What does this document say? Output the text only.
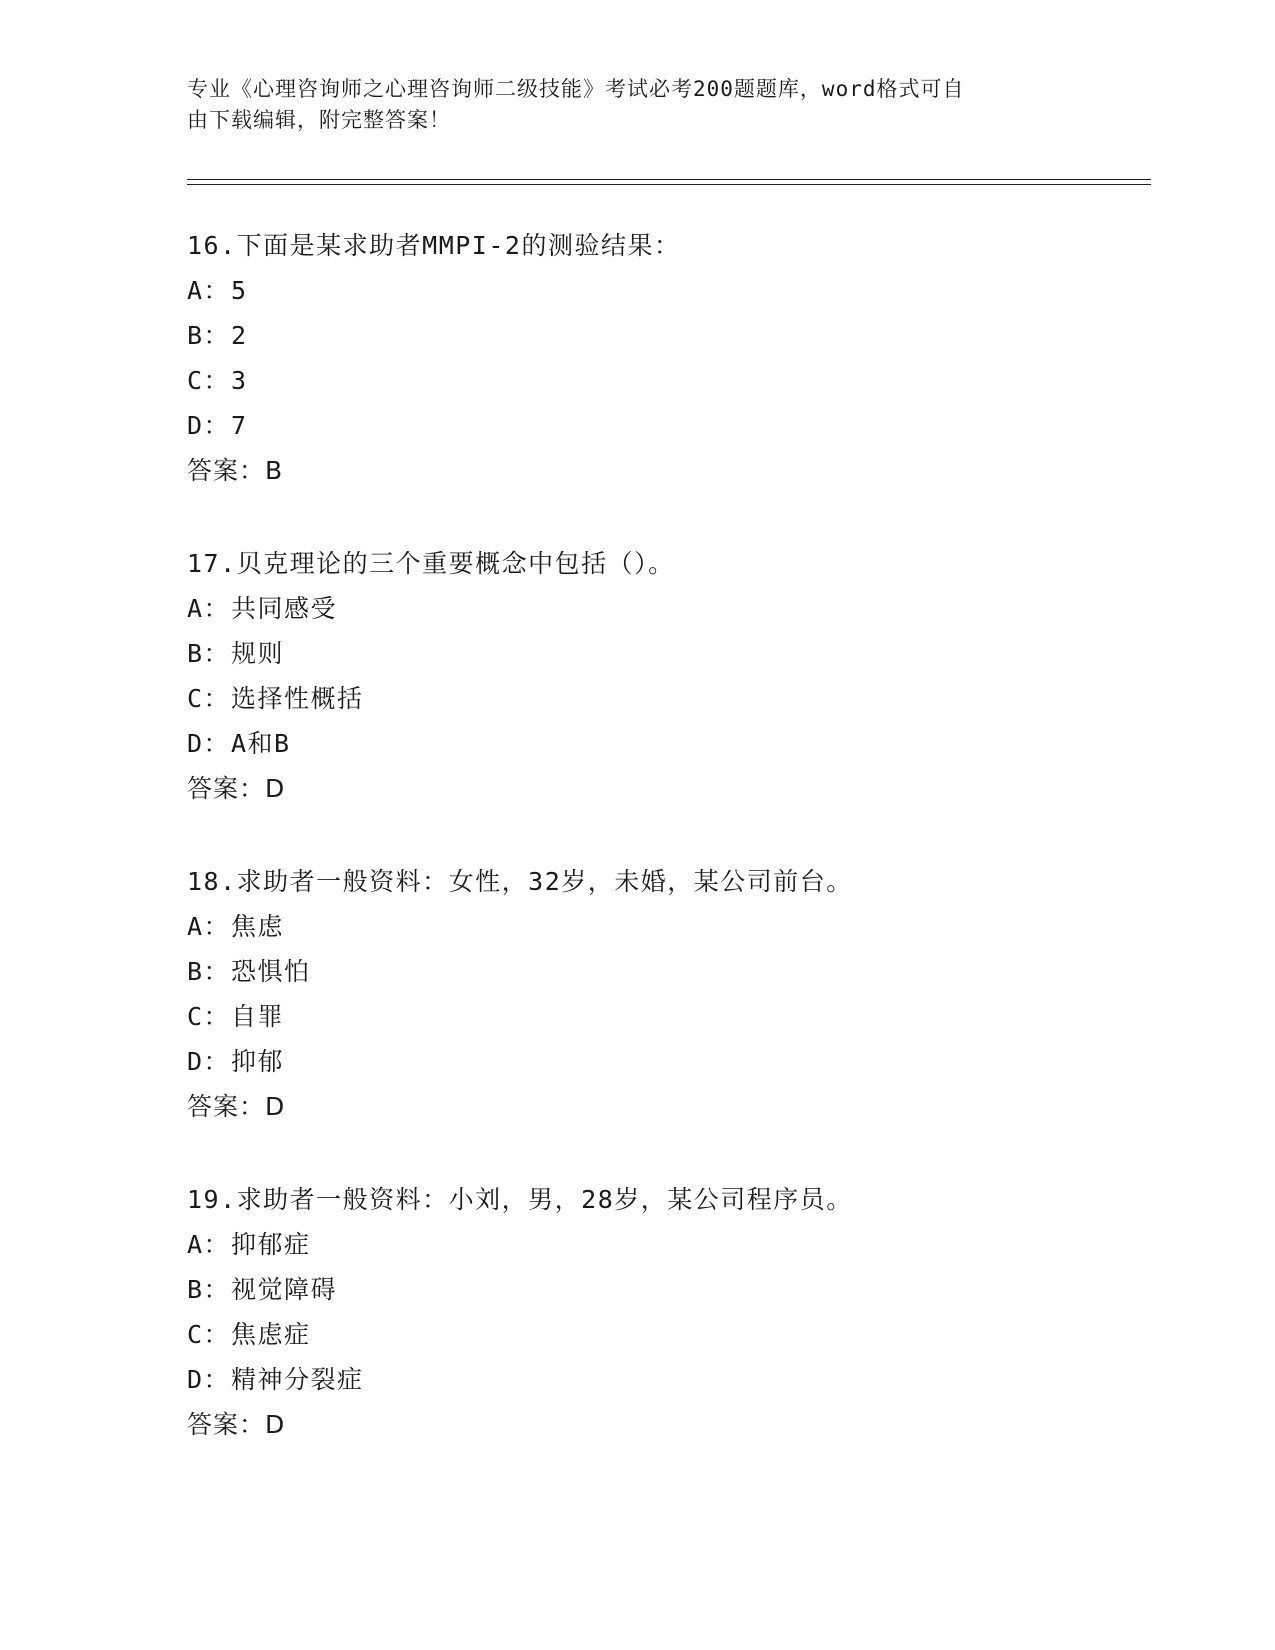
专业《心理咨询师之心理咨询师二级技能》考试必考200题题库，word格式可自
由下载编辑，附完整答案！
16.下面是某求助者MMPI-2的测验结果：
A：5
B：2
C：3
D：7
答案：B
17.贝克理论的三个重要概念中包括（）。
A：共同感受
B：规则
C：选择性概括
D：A和B
答案：D
18.求助者一般资料：女性，32岁，未婚，某公司前台。
A：焦虑
B：恐惧怕
C：自罪
D：抑郁
答案：D
19.求助者一般资料：小刘，男，28岁，某公司程序员。
A：抑郁症
B：视觉障碍
C：焦虑症
D：精神分裂症
答案：D
